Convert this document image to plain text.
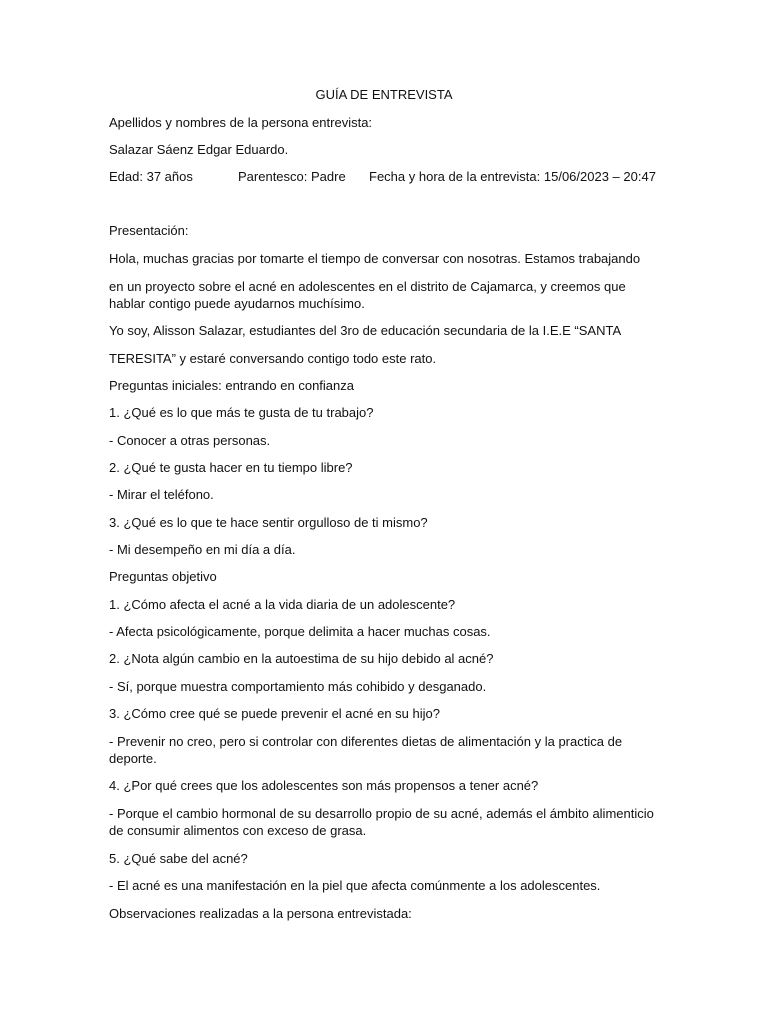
GUÍA DE ENTREVISTA

Apellidos y nombres de la persona entrevista:

Salazar Sáenz Edgar Eduardo.

Edad: 37 años	Parentesco: Padre Fecha y hora de la entrevista: 15/06/2023 – 20:47

Presentación:

Hola, muchas gracias por tomarte el tiempo de conversar con nosotras. Estamos trabajando

en un proyecto sobre el acné en adolescentes en el distrito de Cajamarca, y creemos que

hablar contigo puede ayudarnos muchísimo.

Yo soy, Alisson Salazar, estudiantes del 3ro de educación secundaria de la I.E.E “SANTA

TERESITA” y estaré conversando contigo todo este rato.

Preguntas iniciales: entrando en confianza

1. ¿Qué es lo que más te gusta de tu trabajo?

- Conocer a otras personas.

2. ¿Qué te gusta hacer en tu tiempo libre?

- Mirar el teléfono.

3. ¿Qué es lo que te hace sentir orgulloso de ti mismo?

- Mi desempeño en mi día a día.

Preguntas objetivo

1. ¿Cómo afecta el acné a la vida diaria de un adolescente?

- Afecta psicológicamente, porque delimita a hacer muchas cosas.

2. ¿Nota algún cambio en la autoestima de su hijo debido al acné?

- Sí, porque muestra comportamiento más cohibido y desganado.

3. ¿Cómo cree qué se puede prevenir el acné en su hijo?

- Prevenir no creo, pero si controlar con diferentes dietas de alimentación y la practica de

deporte.

4. ¿Por qué crees que los adolescentes son más propensos a tener acné?

- Porque el cambio hormonal de su desarrollo propio de su acné, además el ámbito alimenticio

de consumir alimentos con exceso de grasa.

5. ¿Qué sabe del acné?

- El acné es una manifestación en la piel que afecta comúnmente a los adolescentes.

Observaciones realizadas a la persona entrevistada:
